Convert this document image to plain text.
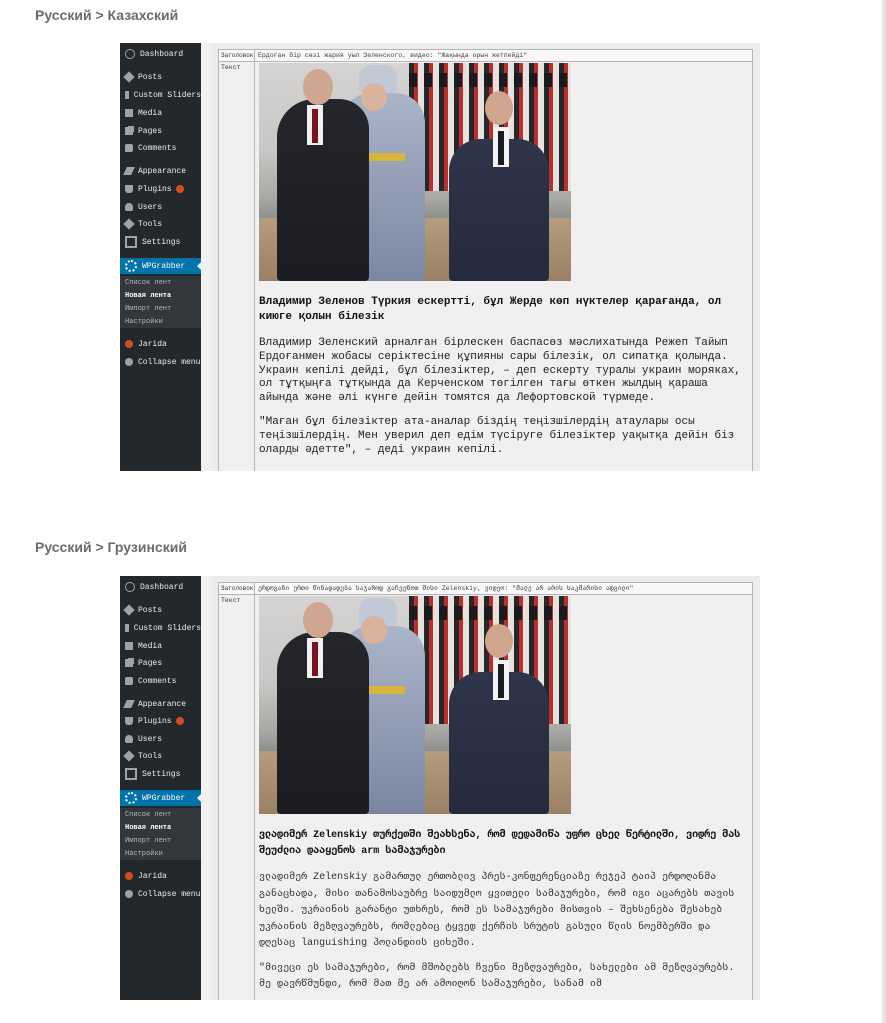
Русский > Казахский
Dashboard
Posts
Custom Sliders
Media
Pages
Comments
Appearance
Plugins
Users
Tools
Settings
WPGrabber
Список лент
Новая лента
Импорт лент
Настройки
Jarida
Collapse menu
Заголовок Ердоған бір сөзі жария уыл Зеленского, видео: "Жақында орын жетпейді"
Текст
Владимир Зеленов Түркия ескертті, бұл Жерде көп нүктелер қарағанда, ол киюге қолын білезік
Владимир Зеленский арналған бірлескен баспасөз мәслихатында Режеп Тайып Ердоғанмен жобасы серіктесіне құпияны сары білезік, ол сипатқа қолында. Украин кепілі дейді, бұл білезіктер, – деп ескерту туралы украин моряках, ол тұтқыңға тұтқында да Керченском төгілген тағы өткен жылдың қараша айында және әлі күнге дейін томятся да Лефортовской түрмеде.
"Маған бұл білезіктер ата-аналар біздің теңізшілердің атаулары осы теңізшілердің. Мен уверил деп едім түсіруге білезіктер уақытқа дейін біз оларды әдетте", – деді украин кепілі.
Русский > Грузинский
Dashboard
Posts
Custom Sliders
Media
Pages
Comments
Appearance
Plugins
Users
Tools
Settings
WPGrabber
Список лент
Новая лента
Импорт лент
Настройки
Jarida
Collapse menu
Заголовок ერდოგანი ერთი წინადადება საჯაროდ გაჩვენოთ მისი Zelenskiy, ვიდეო: "მალე არ არის საკმარისი ადგილი"
Текст
ვლადიმერ Zelenskiy თურქეთში შეახსენა, რომ დედამიწა უფრო ცხელ წერტილში, ვიდრე მას შეუძლია დააყენოს arm სამაჯურები
ვლადიმერ Zelenskiy გამართულ ერთობლივ პრეს-კონფერენციაზე რეჯეპ ტაიპ ერდოღანმა განაცხადა, მისი თანამოსაუბრე საიდუმლო ყვითელი სამაჯურები, რომ იგი აცარებს თავის ხელში. უკრაინის გარანტი უთხრეს, რომ ეს სამაჯურები მისთვის – შეხსენება შესახებ უკრაინის მეზღვაურებს, რომლებიც ტყვედ ქერჩის სრუტის გასული წლის ნოემბერში და დღესაც languishing პოლანდიის ციხეში.
"მივეცი ეს სამაჯურები, რომ მშობლებს ჩვენი მეზღვაურები, სახელები ამ მეზღვაურებს. მე დავრწმუნდი, რომ მათ მე არ ამოიღონ სამაჯურები, სანამ იმ
